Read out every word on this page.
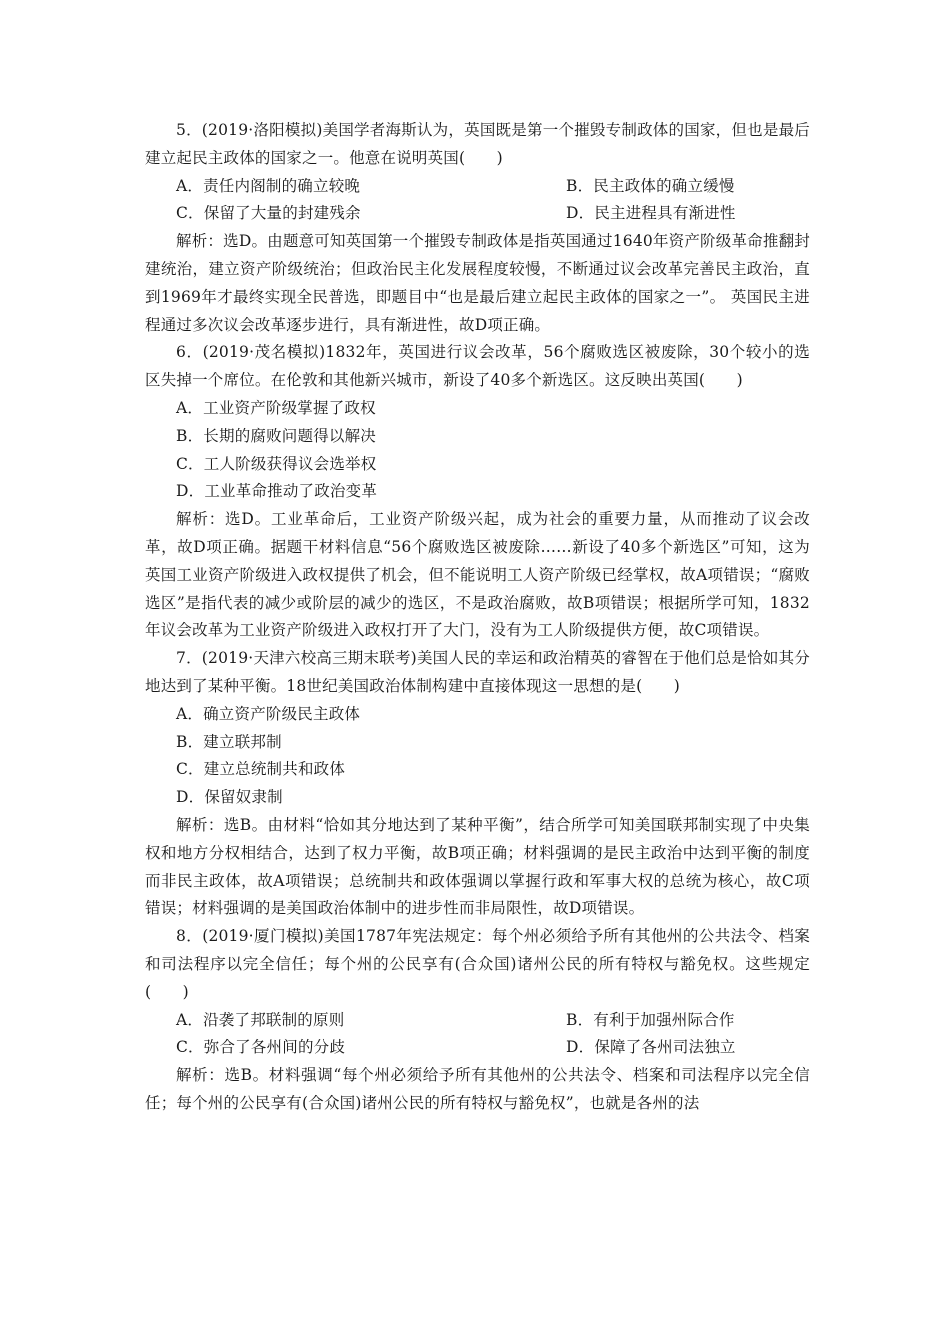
5．(2019·洛阳模拟)美国学者海斯认为，英国既是第一个摧毁专制政体的国家，但也是最后建立起民主政体的国家之一。他意在说明英国(　　)

A．责任内阁制的确立较晚	B．民主政体的确立缓慢
C．保留了大量的封建残余	D．民主进程具有渐进性

解析：选D。由题意可知英国第一个摧毁专制政体是指英国通过1640年资产阶级革命推翻封建统治，建立资产阶级统治；但政治民主化发展程度较慢，不断通过议会改革完善民主政治，直到1969年才最终实现全民普选，即题目中“也是最后建立起民主政体的国家之一”。 英国民主进程通过多次议会改革逐步进行，具有渐进性，故D项正确。

6．(2019·茂名模拟)1832年，英国进行议会改革，56个腐败选区被废除，30个较小的选区失掉一个席位。在伦敦和其他新兴城市，新设了40多个新选区。这反映出英国(　　)

A．工业资产阶级掌握了政权

B．长期的腐败问题得以解决

C．工人阶级获得议会选举权

D．工业革命推动了政治变革

解析：选D。工业革命后，工业资产阶级兴起，成为社会的重要力量，从而推动了议会改革，故D项正确。据题干材料信息“56个腐败选区被废除……新设了40多个新选区”可知，这为英国工业资产阶级进入政权提供了机会，但不能说明工人资产阶级已经掌权，故A项错误；“腐败选区”是指代表的减少或阶层的减少的选区，不是政治腐败，故B项错误；根据所学可知，1832年议会改革为工业资产阶级进入政权打开了大门，没有为工人阶级提供方便，故C项错误。

7．(2019·天津六校高三期末联考)美国人民的幸运和政治精英的睿智在于他们总是恰如其分地达到了某种平衡。18世纪美国政治体制构建中直接体现这一思想的是(　　)

A．确立资产阶级民主政体

B．建立联邦制

C．建立总统制共和政体

D．保留奴隶制

解析：选B。由材料“恰如其分地达到了某种平衡”，结合所学可知美国联邦制实现了中央集权和地方分权相结合，达到了权力平衡，故B项正确；材料强调的是民主政治中达到平衡的制度而非民主政体，故A项错误；总统制共和政体强调以掌握行政和军事大权的总统为核心，故C项错误；材料强调的是美国政治体制中的进步性而非局限性，故D项错误。

8．(2019·厦门模拟)美国1787年宪法规定：每个州必须给予所有其他州的公共法令、档案和司法程序以完全信任；每个州的公民享有(合众国)诸州公民的所有特权与豁免权。这些规定(　　)

A．沿袭了邦联制的原则	B．有利于加强州际合作
C．弥合了各州间的分歧	D．保障了各州司法独立

解析：选B。材料强调“每个州必须给予所有其他州的公共法令、档案和司法程序以完全信任；每个州的公民享有(合众国)诸州公民的所有特权与豁免权”，也就是各州的法
